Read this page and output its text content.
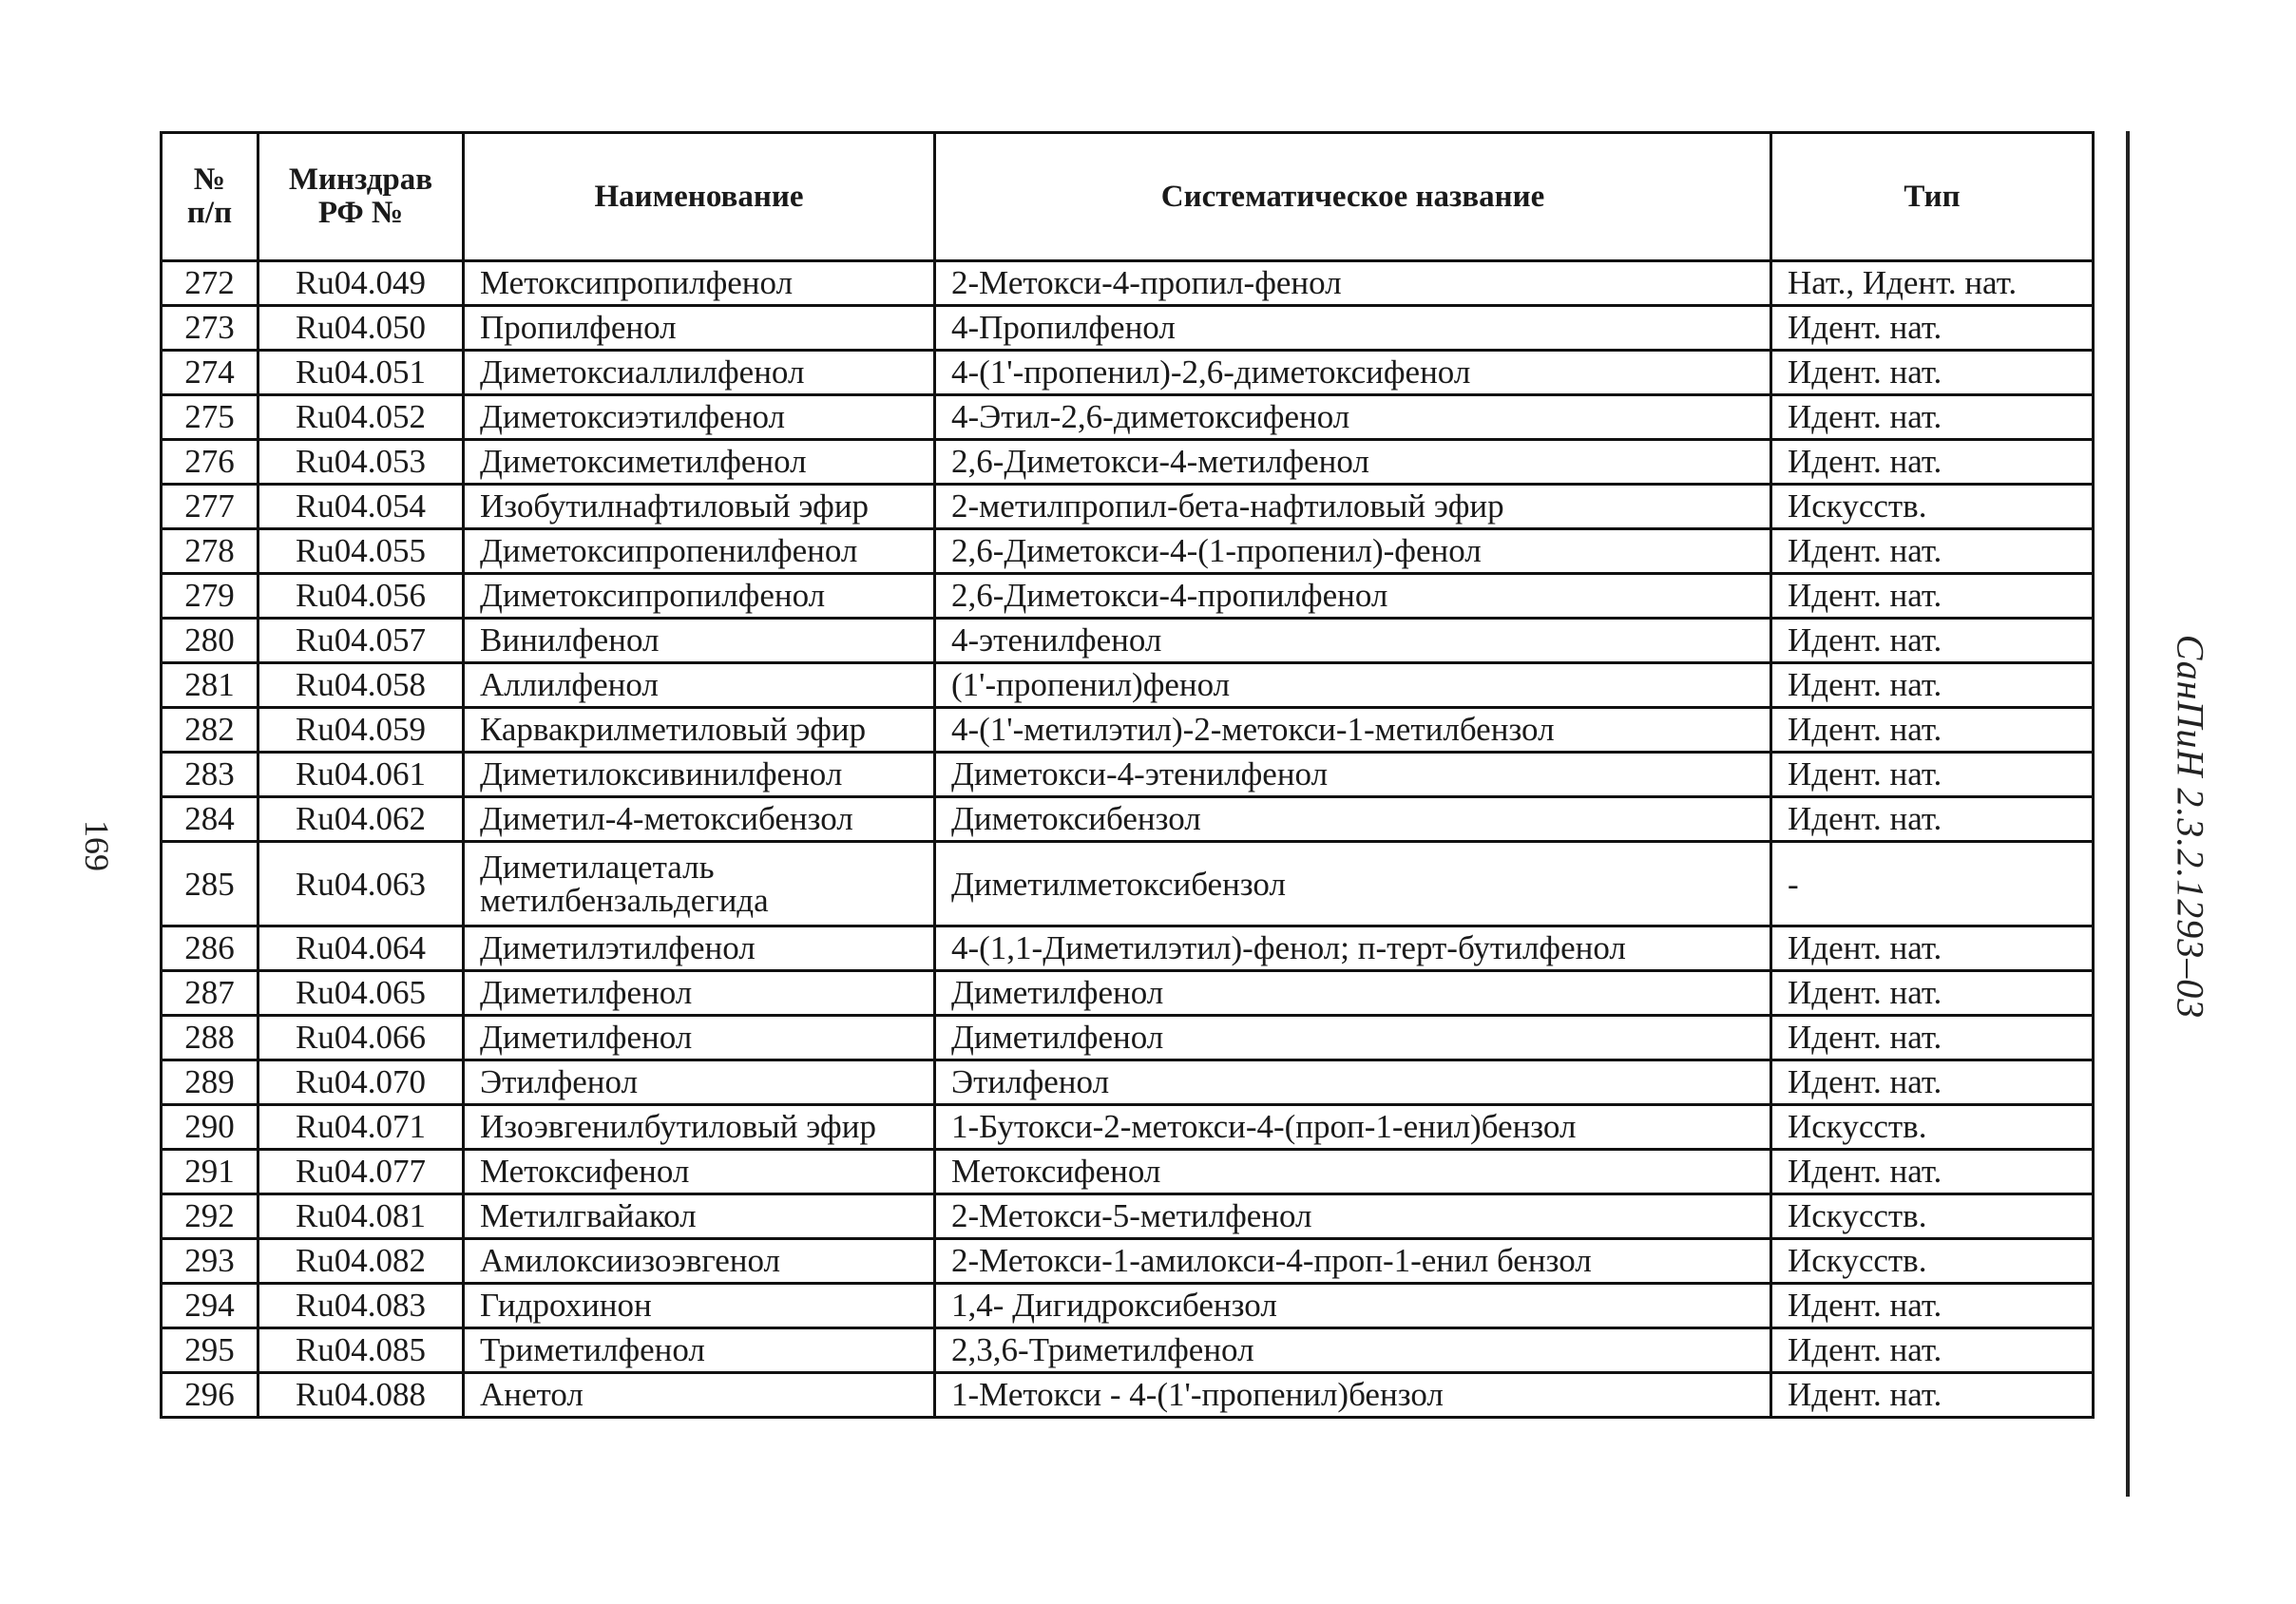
169
№ п/п	Минздрав РФ №	Наименование	Систематическое название	Тип
272	Ru04.049	Метоксипропилфенол	2-Метокси-4-пропил-фенол	Нат., Идент. нат.
273	Ru04.050	Пропилфенол	4-Пропилфенол	Идент. нат.
274	Ru04.051	Диметоксиаллилфенол	4-(1'-пропенил)-2,6-диметоксифенол	Идент. нат.
275	Ru04.052	Диметоксиэтилфенол	4-Этил-2,6-диметоксифенол	Идент. нат.
276	Ru04.053	Диметоксиметилфенол	2,6-Диметокси-4-метилфенол	Идент. нат.
277	Ru04.054	Изобутилнафтиловый эфир	2-метилпропил-бета-нафтиловый эфир	Искусств.
278	Ru04.055	Диметоксипропенилфенол	2,6-Диметокси-4-(1-пропенил)-фенол	Идент. нат.
279	Ru04.056	Диметоксипропилфенол	2,6-Диметокси-4-пропилфенол	Идент. нат.
280	Ru04.057	Винилфенол	4-этенилфенол	Идент. нат.
281	Ru04.058	Аллилфенол	(1'-пропенил)фенол	Идент. нат.
282	Ru04.059	Карвакрилметиловый эфир	4-(1'-метилэтил)-2-метокси-1-метилбензол	Идент. нат.
283	Ru04.061	Диметилоксивинилфенол	Диметокси-4-этенилфенол	Идент. нат.
284	Ru04.062	Диметил-4-метоксибензол	Диметоксибензол	Идент. нат.
285	Ru04.063	Диметилацеталь метилбензальдегида	Диметилметоксибензол	-
286	Ru04.064	Диметилэтилфенол	4-(1,1-Диметилэтил)-фенол; п-терт-бутилфенол	Идент. нат.
287	Ru04.065	Диметилфенол	Диметилфенол	Идент. нат.
288	Ru04.066	Диметилфенол	Диметилфенол	Идент. нат.
289	Ru04.070	Этилфенол	Этилфенол	Идент. нат.
290	Ru04.071	Изоэвгенилбутиловый эфир	1-Бутокси-2-метокси-4-(проп-1-енил)бензол	Искусств.
291	Ru04.077	Метоксифенол	Метоксифенол	Идент. нат.
292	Ru04.081	Метилгвайакол	2-Метокси-5-метилфенол	Искусств.
293	Ru04.082	Амилоксиизоэвгенол	2-Метокси-1-амилокси-4-проп-1-енил бензол	Искусств.
294	Ru04.083	Гидрохинон	1,4- Дигидроксибензол	Идент. нат.
295	Ru04.085	Триметилфенол	2,3,6-Триметилфенол	Идент. нат.
296	Ru04.088	Анетол	1-Метокси - 4-(1'-пропенил)бензол	Идент. нат.
СанПиН 2.3.2.1293–03
